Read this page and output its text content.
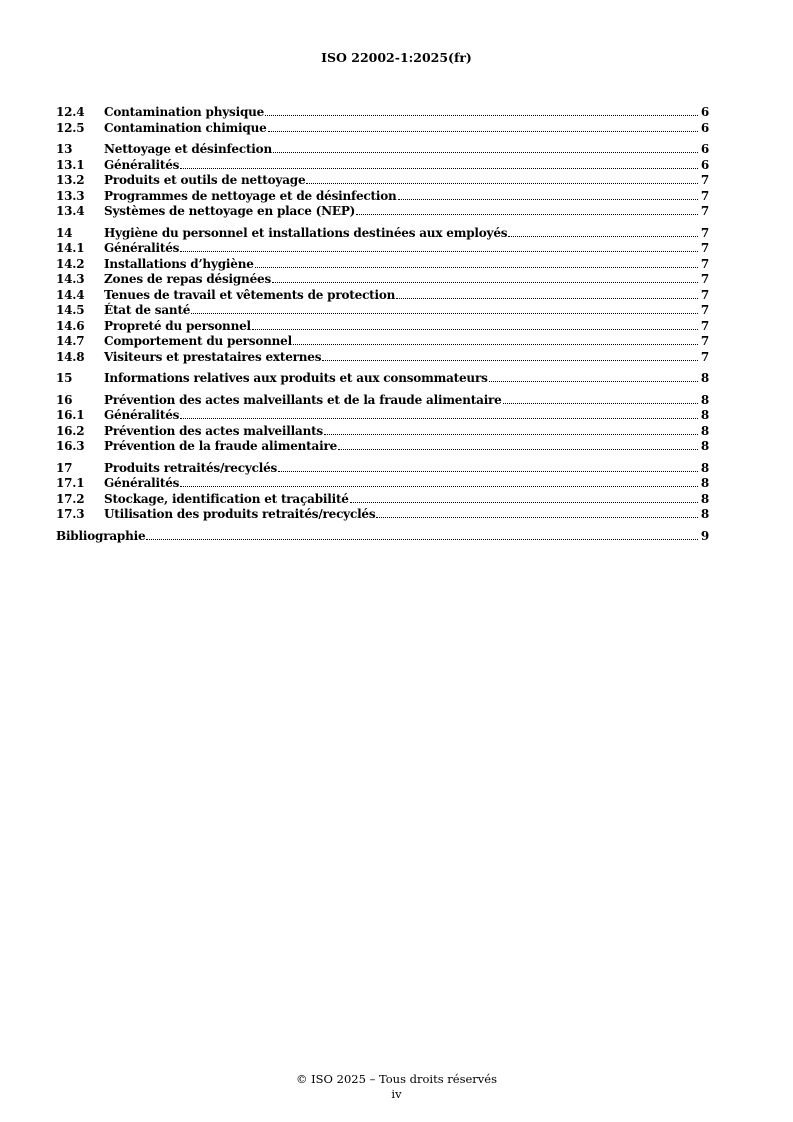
ISO 22002-1:2025(fr)
12.4	Contamination physique	6
12.5	Contamination chimique	6
13	Nettoyage et désinfection	6
13.1	Généralités	6
13.2	Produits et outils de nettoyage	7
13.3	Programmes de nettoyage et de désinfection	7
13.4	Systèmes de nettoyage en place (NEP)	7
14	Hygiène du personnel et installations destinées aux employés	7
14.1	Généralités	7
14.2	Installations d’hygiène	7
14.3	Zones de repas désignées	7
14.4	Tenues de travail et vêtements de protection	7
14.5	État de santé	7
14.6	Propreté du personnel	7
14.7	Comportement du personnel	7
14.8	Visiteurs et prestataires externes	7
15	Informations relatives aux produits et aux consommateurs	8
16	Prévention des actes malveillants et de la fraude alimentaire	8
16.1	Généralités	8
16.2	Prévention des actes malveillants	8
16.3	Prévention de la fraude alimentaire	8
17	Produits retraités/recyclés	8
17.1	Généralités	8
17.2	Stockage, identification et traçabilité	8
17.3	Utilisation des produits retraités/recyclés	8
Bibliographie	9
© ISO 2025 – Tous droits réservés
iv
